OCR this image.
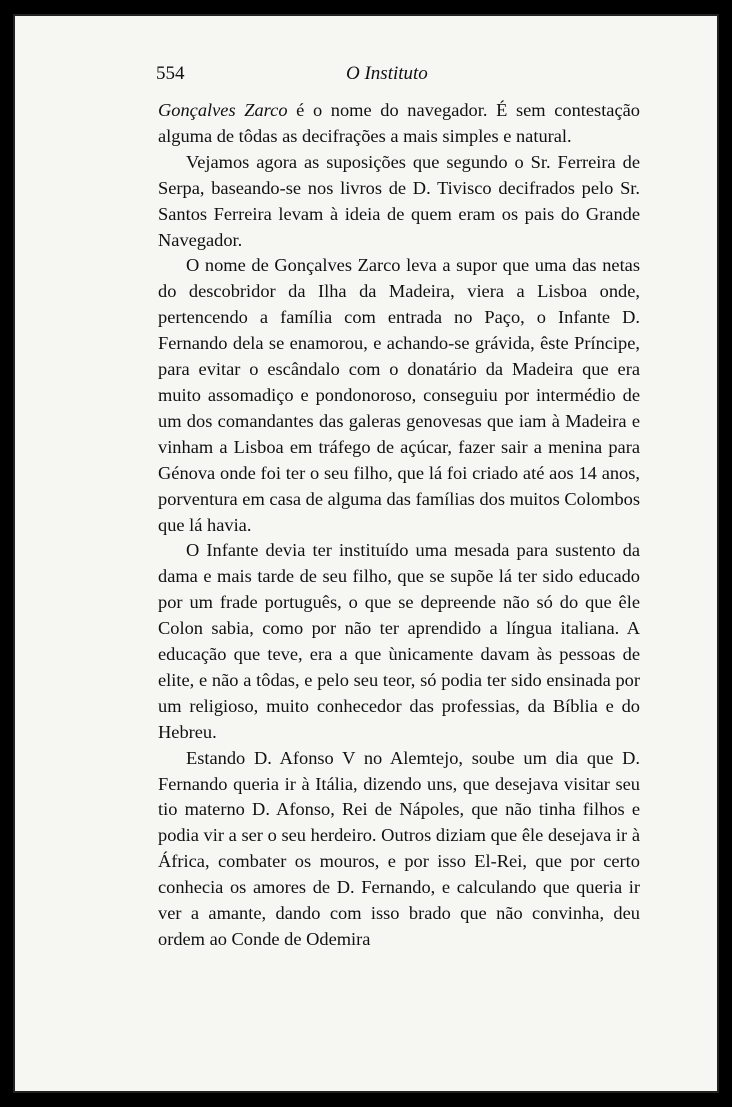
554	O Instituto

Gonçalves Zarco é o nome do navegador. É sem contestação alguma de tôdas as decifrações a mais simples e natural.

Vejamos agora as suposições que segundo o Sr. Ferreira de Serpa, baseando-se nos livros de D. Tivisco decifrados pelo Sr. Santos Ferreira levam à ideia de quem eram os pais do Grande Navegador.

O nome de Gonçalves Zarco leva a supor que uma das netas do descobridor da Ilha da Madeira, viera a Lisboa onde, pertencendo a família com entrada no Paço, o Infante D. Fernando dela se enamorou, e achando-se grávida, êste Príncipe, para evitar o escândalo com o donatário da Madeira que era muito assomadiço e pondonoroso, conseguiu por intermédio de um dos comandantes das galeras genovesas que iam à Madeira e vinham a Lisboa em tráfego de açúcar, fazer sair a menina para Génova onde foi ter o seu filho, que lá foi criado até aos 14 anos, porventura em casa de alguma das famílias dos muitos Colombos que lá havia.

O Infante devia ter instituído uma mesada para sustento da dama e mais tarde de seu filho, que se supõe lá ter sido educado por um frade português, o que se depreende não só do que êle Colon sabia, como por não ter aprendido a língua italiana. A educação que teve, era a que ùnicamente davam às pessoas de elite, e não a tôdas, e pelo seu teor, só podia ter sido ensinada por um religioso, muito conhecedor das professias, da Bíblia e do Hebreu.

Estando D. Afonso V no Alemtejo, soube um dia que D. Fernando queria ir à Itália, dizendo uns, que desejava visitar seu tio materno D. Afonso, Rei de Nápoles, que não tinha filhos e podia vir a ser o seu herdeiro. Outros diziam que êle desejava ir à África, combater os mouros, e por isso El-Rei, que por certo conhecia os amores de D. Fernando, e calculando que queria ir ver a amante, dando com isso brado que não convinha, deu ordem ao Conde de Odemira
